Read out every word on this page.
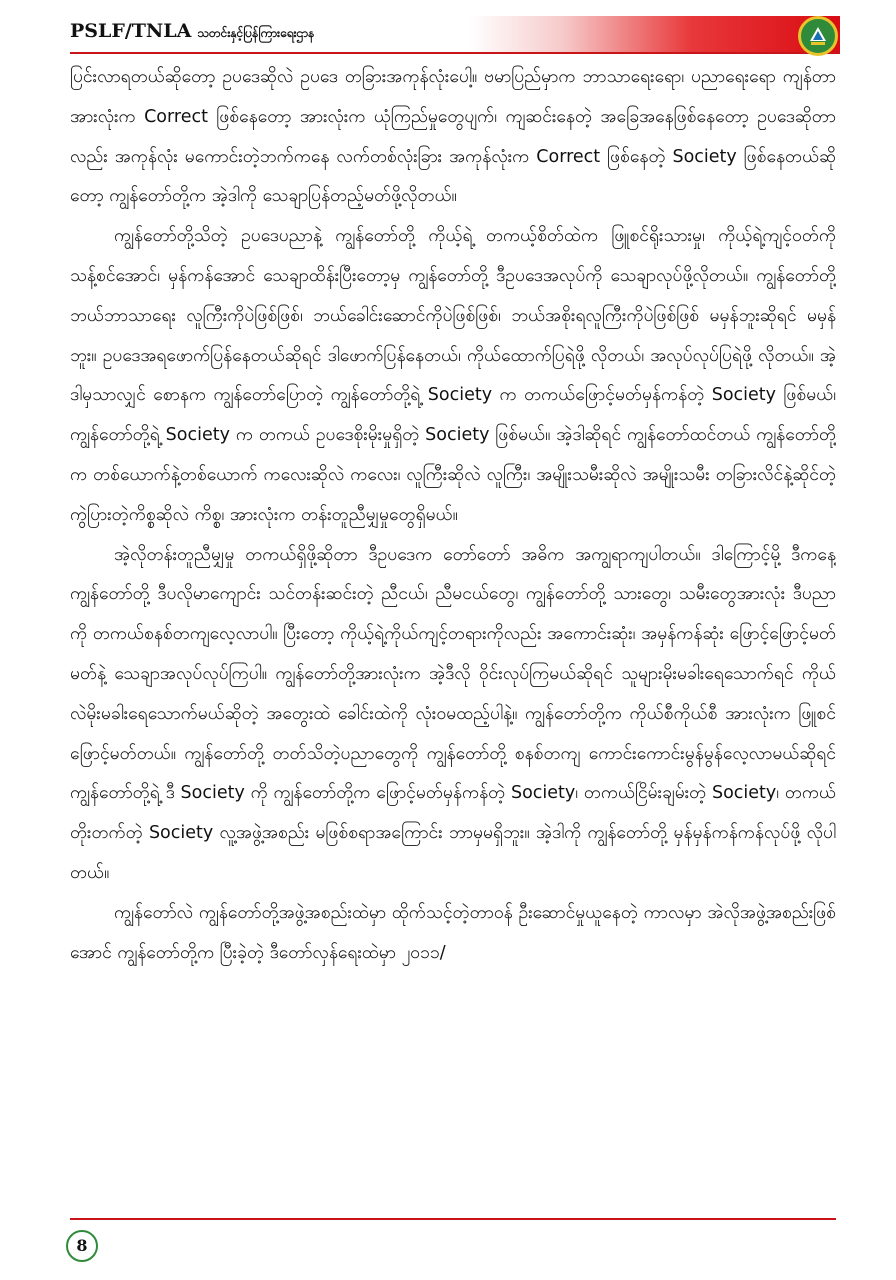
PSLF/TNLA သတင်းနှင့်ပြန်ကြားရေးဌာန

ပြင်းလာရတယ်ဆိုတော့ ဥပဒေဆိုလဲ ဥပဒေ တခြားအကုန်လုံးပေါ့။ ဗမာပြည်မှာက ဘာသာရေးရော၊ ပညာရေးရော ကျန်တာအားလုံးက Correct ဖြစ်နေတော့ အားလုံးက ယုံကြည်မှုတွေပျက်၊ ကျဆင်းနေတဲ့ အခြေအနေဖြစ်နေတော့ ဥပဒေဆိုတာလည်း အကုန်လုံး မကောင်းတဲ့ဘက်ကနေ လက်တစ်လုံးခြား အကုန်လုံးက Correct ဖြစ်နေတဲ့ Society ဖြစ်နေတယ်ဆိုတော့ ကျွန်တော်တို့က အဲ့ဒါကို သေချာပြန်တည့်မတ်ဖို့လိုတယ်။

ကျွန်တော်တို့သိတဲ့ ဥပဒေပညာနဲ့ ကျွန်တော်တို့ ကိုယ့်ရဲ့ တကယ့်စိတ်ထဲက ဖြူစင်ရိုးသားမှု၊ ကိုယ့်ရဲ့ကျင့်ဝတ်ကို သန့်စင်အောင်၊ မှန်ကန်အောင် သေချာထိန်းပြီးတော့မှ ကျွန်တော်တို့ ဒီဥပဒေအလုပ်ကို သေချာလုပ်ဖို့လိုတယ်။ ကျွန်တော်တို့ ဘယ်ဘာသာရေး လူကြီးကိုပဲဖြစ်ဖြစ်၊ ဘယ်ခေါင်းဆောင်ကိုပဲဖြစ်ဖြစ်၊ ဘယ်အစိုးရလူကြီးကိုပဲဖြစ်ဖြစ် မမှန်ဘူးဆိုရင် မမှန်ဘူး။ ဥပဒေအရဖောက်ပြန်နေတယ်ဆိုရင် ဒါဖောက်ပြန်နေတယ်၊ ကိုယ်ထောက်ပြရဲဖို့ လိုတယ်၊ အလုပ်လုပ်ပြရဲဖို့ လိုတယ်။ အဲ့ဒါမှသာလျှင် စောနက ကျွန်တော်ပြောတဲ့ ကျွန်တော်တို့ရဲ့ Society က တကယ်ဖြောင့်မတ်မှန်ကန်တဲ့ Society ဖြစ်မယ်၊ ကျွန်တော်တို့ရဲ့ Society က တကယ် ဥပဒေစိုးမိုးမှုရှိတဲ့ Society ဖြစ်မယ်။ အဲ့ဒါဆိုရင် ကျွန်တော်ထင်တယ် ကျွန်တော်တို့က တစ်ယောက်နဲ့တစ်ယောက် ကလေးဆိုလဲ ကလေး၊ လူကြီးဆိုလဲ လူကြီး၊ အမျိုးသမီးဆိုလဲ အမျိုးသမီး တခြားလိင်နဲ့ဆိုင်တဲ့ ကွဲပြားတဲ့ကိစ္စဆိုလဲ ကိစ္စ၊ အားလုံးက တန်းတူညီမျှမှုတွေရှိမယ်။

အဲ့လိုတန်းတူညီမျှမှု တကယ်ရှိဖို့ဆိုတာ ဒီဥပဒေက တော်တော် အဓိက အကျွရာကျပါတယ်။ ဒါကြောင့်မို့ ဒီကနေ့ ကျွန်တော်တို့ ဒီပလိုမာကျောင်း သင်တန်းဆင်းတဲ့ ညီငယ်၊ ညီမငယ်တွေ၊ ကျွန်တော်တို့ သားတွေ၊ သမီးတွေအားလုံး ဒီပညာကို တကယ်စနစ်တကျလေ့လာပါ။ ပြီးတော့ ကိုယ့်ရဲ့ကိုယ်ကျင့်တရားကိုလည်း အကောင်းဆုံး၊ အမှန်ကန်ဆုံး ဖြောင့်ဖြောင့်မတ်မတ်နဲ့ သေချာအလုပ်လုပ်ကြပါ။ ကျွန်တော်တို့အားလုံးက အဲ့ဒီလို ဝိုင်းလုပ်ကြမယ်ဆိုရင် သူများမိုးမခါးရေသောက်ရင် ကိုယ်လဲမိုးမခါးရေသောက်မယ်ဆိုတဲ့ အတွေးထဲ ခေါင်းထဲကို လုံးဝမထည့်ပါနဲ့။ ကျွန်တော်တို့က ကိုယ်စီကိုယ်စီ အားလုံးက ဖြူစင်ဖြောင့်မတ်တယ်။ ကျွန်တော်တို့ တတ်သိတဲ့ပညာတွေကို ကျွန်တော်တို့ စနစ်တကျ ကောင်းကောင်းမွန်မွန်လေ့လာမယ်ဆိုရင် ကျွန်တော်တို့ရဲ့ ဒီ Society ကို ကျွန်တော်တို့က ဖြောင့်မတ်မှန်ကန်တဲ့ Society၊ တကယ်ငြိမ်းချမ်းတဲ့ Society၊ တကယ်တိုးတက်တဲ့ Society လူ့အဖွဲ့အစည်း မဖြစ်စရာအကြောင်း ဘာမှမရှိဘူး။ အဲ့ဒါကို ကျွန်တော်တို့ မှန်မှန်ကန်ကန်လုပ်ဖို့ လိုပါတယ်။

ကျွန်တော်လဲ ကျွန်တော်တို့အဖွဲ့အစည်းထဲမှာ ထိုက်သင့်တဲ့တာဝန် ဦးဆောင်မှုယူနေတဲ့ ကာလမှာ အဲလိုအဖွဲ့အစည်းဖြစ်အောင် ကျွန်တော်တို့က ပြီးခဲ့တဲ့ ဒီတော်လှန်ရေးထဲမှာ ၂၀၁၁/

8
